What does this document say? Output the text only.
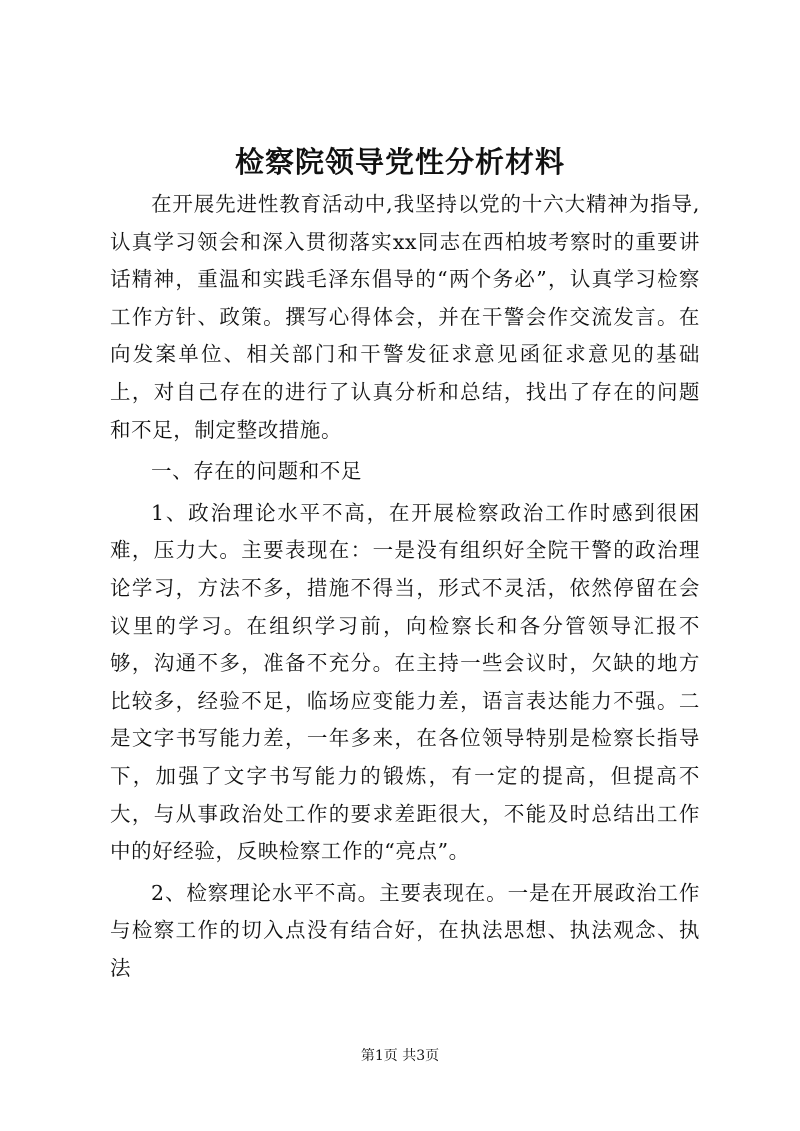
检察院领导党性分析材料

在开展先进性教育活动中,我坚持以党的十六大精神为指导,认真学习领会和深入贯彻落实xx同志在西柏坡考察时的重要讲话精神，重温和实践毛泽东倡导的“两个务必”，认真学习检察工作方针、政策。撰写心得体会，并在干警会作交流发言。在向发案单位、相关部门和干警发征求意见函征求意见的基础上，对自己存在的进行了认真分析和总结，找出了存在的问题和不足，制定整改措施。

一、存在的问题和不足

1、政治理论水平不高，在开展检察政治工作时感到很困难，压力大。主要表现在：一是没有组织好全院干警的政治理论学习，方法不多，措施不得当，形式不灵活，依然停留在会议里的学习。在组织学习前，向检察长和各分管领导汇报不够，沟通不多，准备不充分。在主持一些会议时，欠缺的地方比较多，经验不足，临场应变能力差，语言表达能力不强。二是文字书写能力差，一年多来，在各位领导特别是检察长指导下，加强了文字书写能力的锻炼，有一定的提高，但提高不大，与从事政治处工作的要求差距很大，不能及时总结出工作中的好经验，反映检察工作的“亮点”。

2、检察理论水平不高。主要表现在。一是在开展政治工作与检察工作的切入点没有结合好，在执法思想、执法观念、执法

第1页 共3页
